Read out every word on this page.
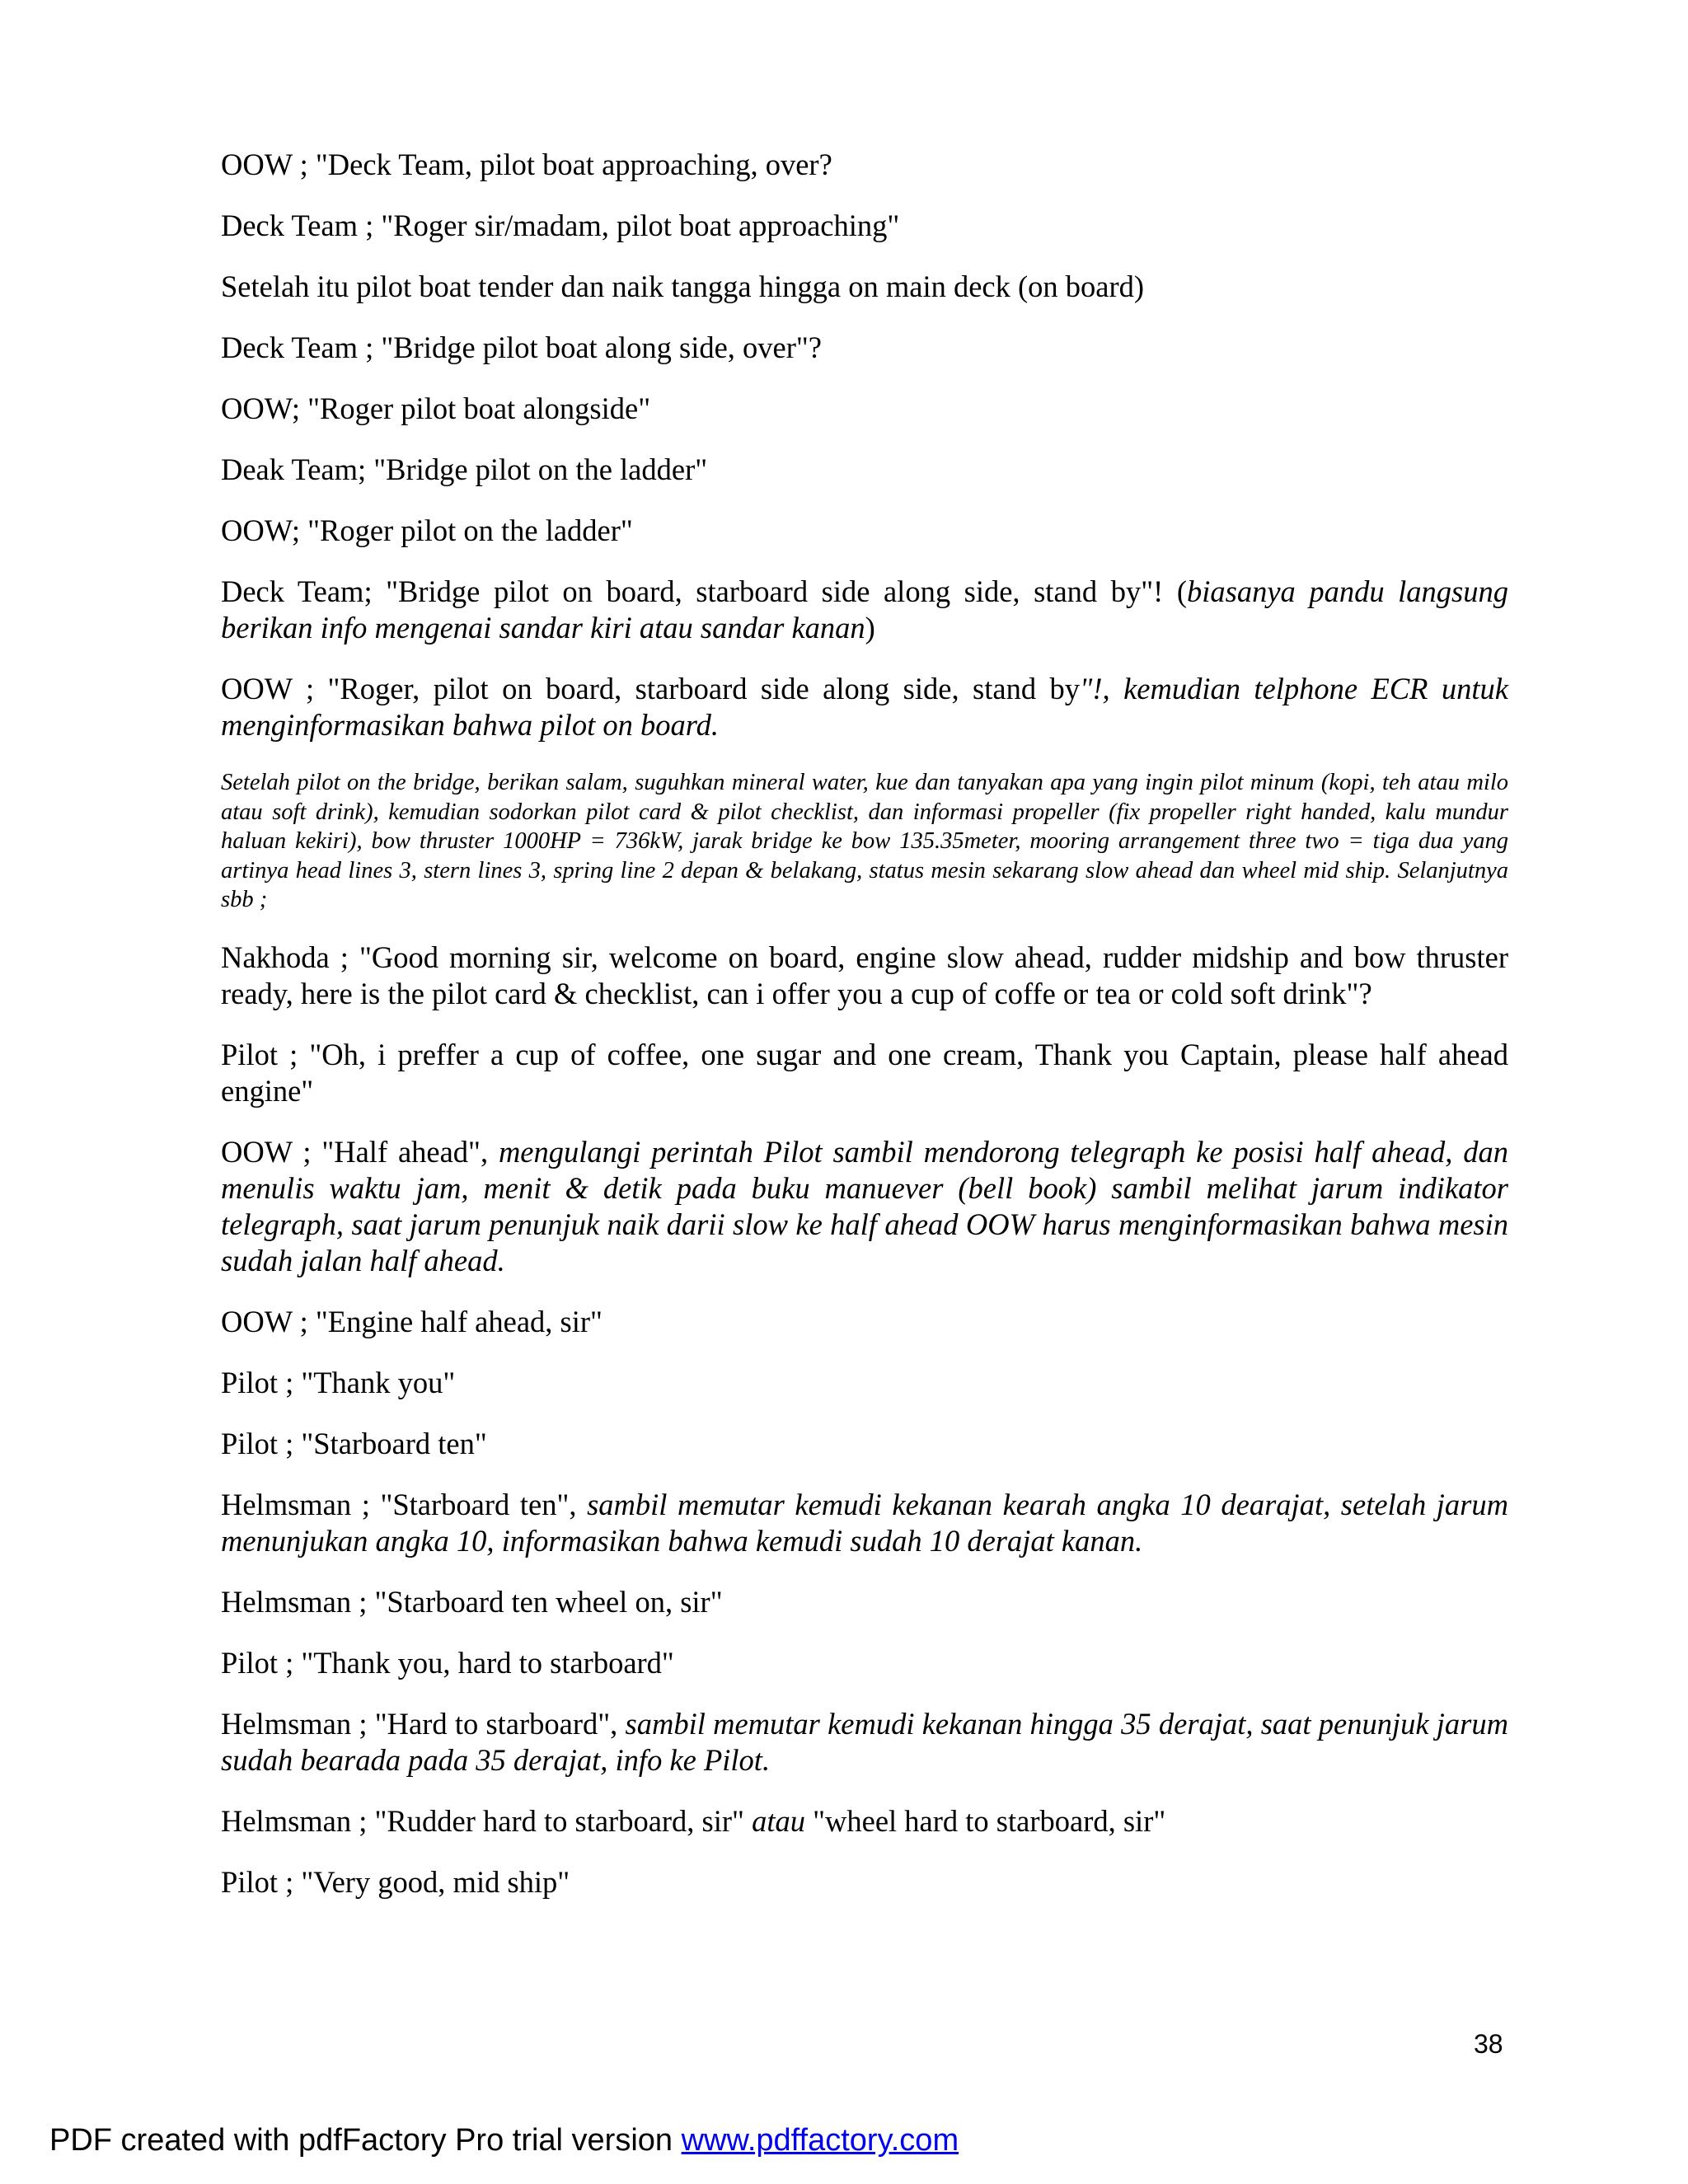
OOW ; "Deck Team, pilot boat approaching, over?

Deck Team ; "Roger sir/madam, pilot boat approaching"

Setelah itu pilot boat tender dan naik tangga hingga on main deck (on board)

Deck Team ; "Bridge pilot boat along side, over"?

OOW; "Roger pilot boat alongside"

Deak Team; "Bridge pilot on the ladder"

OOW; "Roger pilot on the ladder"

Deck Team; "Bridge pilot on board, starboard side along side, stand by"! (biasanya pandu langsung berikan info mengenai sandar kiri atau sandar kanan)

OOW ; "Roger, pilot on board, starboard side along side, stand by"!, kemudian telphone ECR untuk menginformasikan bahwa pilot on board.

Setelah pilot on the bridge, berikan salam, suguhkan mineral water, kue dan tanyakan apa yang ingin pilot minum (kopi, teh atau milo atau soft drink), kemudian sodorkan pilot card & pilot checklist, dan informasi propeller (fix propeller right handed, kalu mundur haluan kekiri), bow thruster 1000HP = 736kW, jarak bridge ke bow 135.35meter, mooring arrangement three two = tiga dua yang artinya head lines 3, stern lines 3, spring line 2 depan & belakang, status mesin sekarang slow ahead dan wheel mid ship. Selanjutnya sbb ;

Nakhoda ; "Good morning sir, welcome on board, engine slow ahead, rudder midship and bow thruster ready, here is the pilot card & checklist, can i offer you a cup of coffe or tea or cold soft drink"?

Pilot ; "Oh, i preffer a cup of coffee, one sugar and one cream, Thank you Captain, please half ahead engine"

OOW ; "Half ahead", mengulangi perintah Pilot sambil mendorong telegraph ke posisi half ahead, dan menulis waktu jam, menit & detik pada buku manuever (bell book) sambil melihat jarum indikator telegraph, saat jarum penunjuk naik darii slow ke half ahead OOW harus menginformasikan bahwa mesin sudah jalan half ahead.

OOW ; "Engine half ahead, sir"

Pilot ; "Thank you"

Pilot ; "Starboard ten"

Helmsman ; "Starboard ten", sambil memutar kemudi kekanan kearah angka 10 dearajat, setelah jarum menunjukan angka 10, informasikan bahwa kemudi sudah 10 derajat kanan.

Helmsman ; "Starboard ten wheel on, sir"

Pilot ; "Thank you, hard to starboard"

Helmsman ; "Hard to starboard", sambil memutar kemudi kekanan hingga 35 derajat, saat penunjuk jarum sudah bearada pada 35 derajat, info ke Pilot.

Helmsman ; "Rudder hard to starboard, sir" atau "wheel hard to starboard, sir"

Pilot ; "Very good, mid ship"

38
PDF created with pdfFactory Pro trial version www.pdffactory.com
